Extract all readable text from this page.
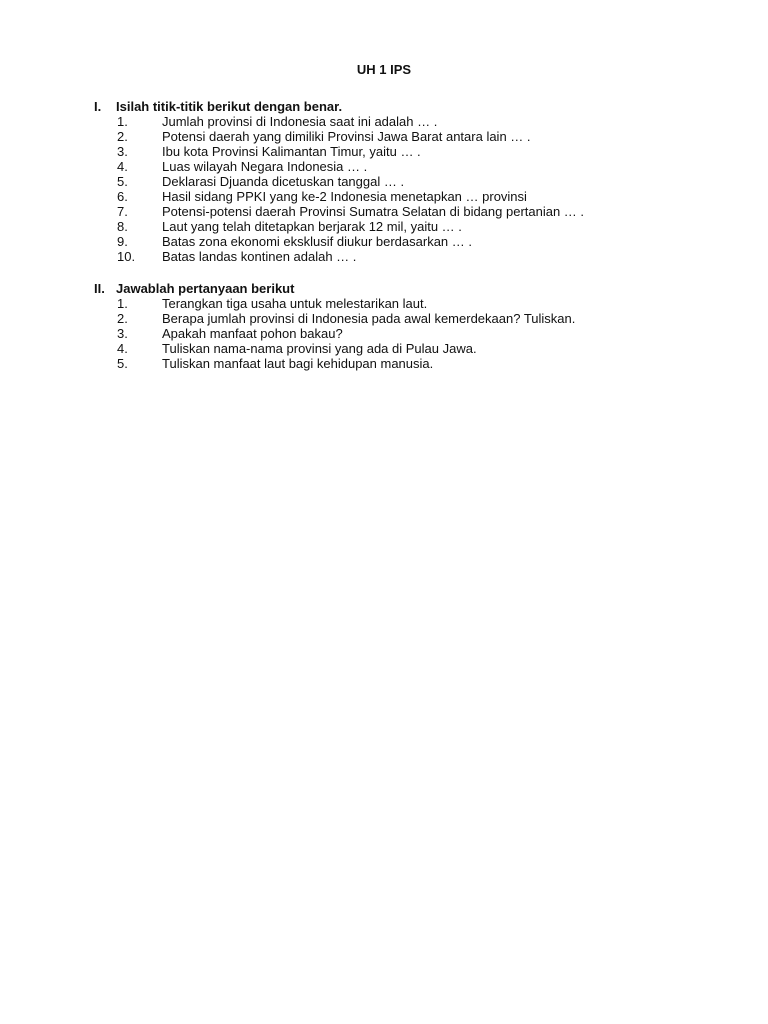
UH 1 IPS
I.	Isilah titik-titik berikut dengan benar.
1.	Jumlah provinsi di Indonesia saat ini adalah … .
2.	Potensi daerah yang dimiliki Provinsi Jawa Barat antara lain … .
3.	Ibu kota Provinsi Kalimantan Timur, yaitu … .
4.	Luas wilayah Negara Indonesia … .
5.	Deklarasi Djuanda dicetuskan tanggal … .
6.	Hasil sidang PPKI yang ke-2 Indonesia menetapkan … provinsi
7.	Potensi-potensi daerah Provinsi Sumatra Selatan di bidang pertanian … .
8.	Laut yang telah ditetapkan berjarak 12 mil, yaitu … .
9.	Batas zona ekonomi eksklusif diukur berdasarkan … .
10.	Batas landas kontinen adalah … .
II. Jawablah pertanyaan berikut
1.	Terangkan tiga usaha untuk melestarikan laut.
2.	Berapa jumlah provinsi di Indonesia pada awal kemerdekaan? Tuliskan.
3.	Apakah manfaat pohon bakau?
4.	Tuliskan nama-nama provinsi yang ada di Pulau Jawa.
5.	Tuliskan manfaat laut bagi kehidupan manusia.
